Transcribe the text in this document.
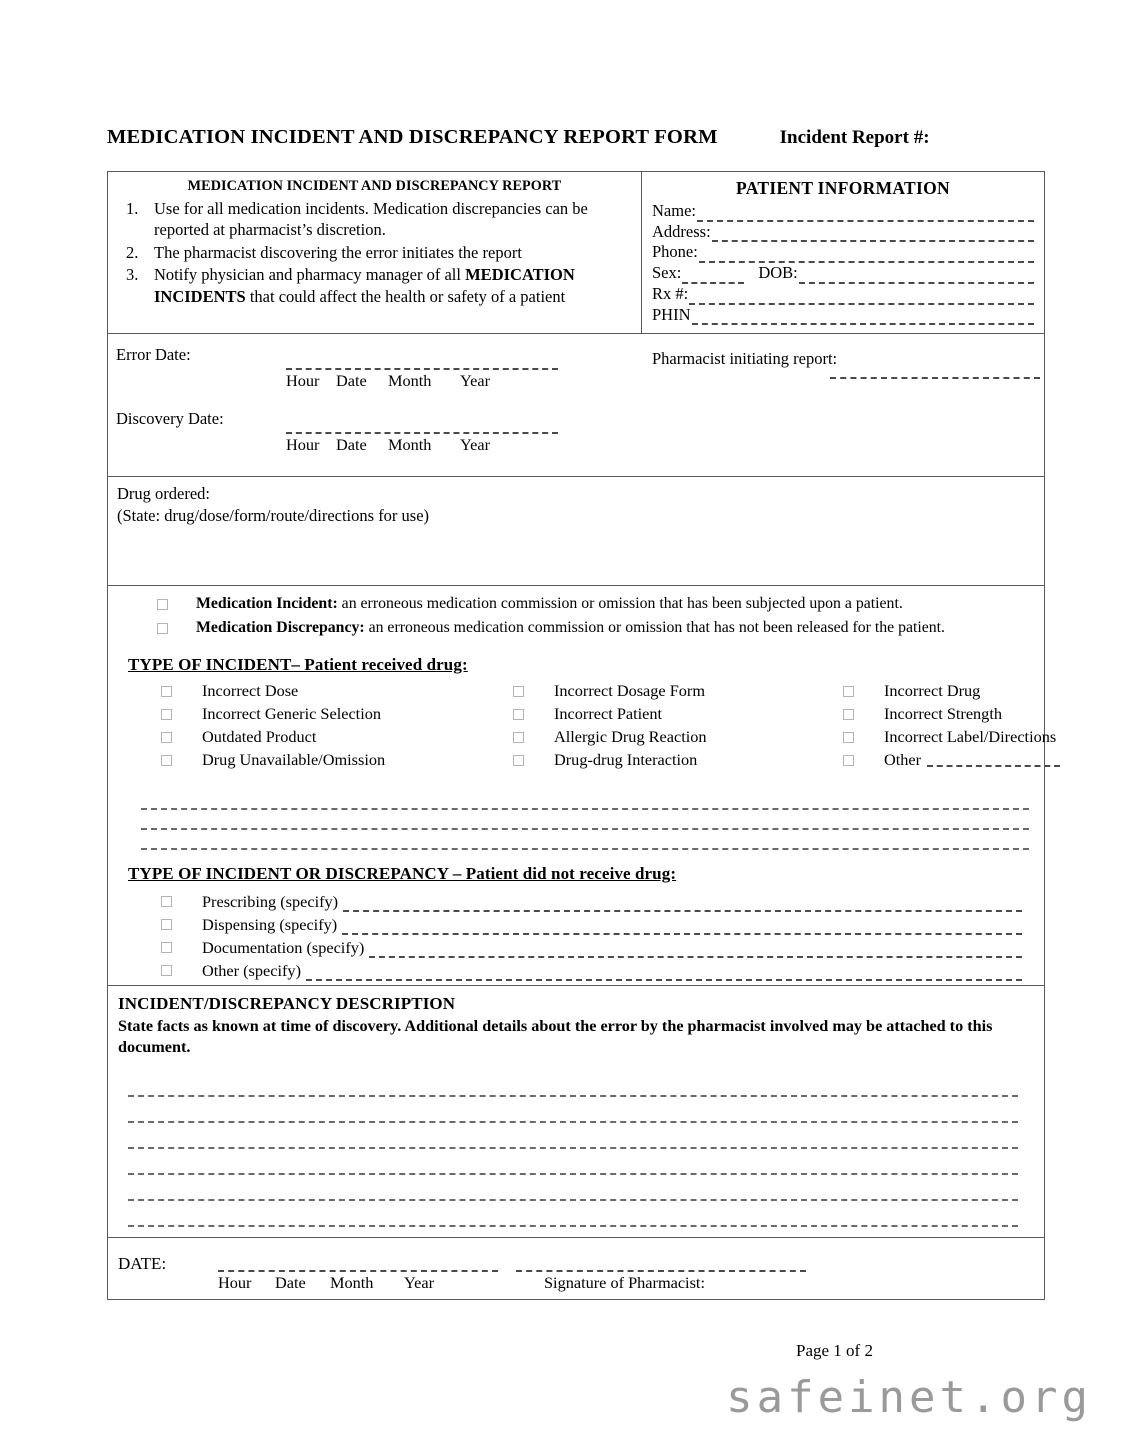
MEDICATION INCIDENT AND DISCREPANCY REPORT FORM	Incident Report #:
MEDICATION INCIDENT AND DISCREPANCY REPORT
1. Use for all medication incidents. Medication discrepancies can be reported at pharmacist’s discretion.
2. The pharmacist discovering the error initiates the report
3. Notify physician and pharmacy manager of all MEDICATION INCIDENTS that could affect the health or safety of a patient
PATIENT INFORMATION
Name:
Address:
Phone:
Sex:	DOB:
Rx #:
PHIN
Error Date:
Hour	Date	Month	Year
Discovery Date:
Hour	Date	Month	Year
Pharmacist initiating report:
Drug ordered:
(State: drug/dose/form/route/directions for use)
Medication Incident: an erroneous medication commission or omission that has been subjected upon a patient.
Medication Discrepancy: an erroneous medication commission or omission that has not been released for the patient.
TYPE OF INCIDENT– Patient received drug:
Incorrect Dose
Incorrect Generic Selection
Outdated Product
Drug Unavailable/Omission
Incorrect Dosage Form
Incorrect Patient
Allergic Drug Reaction
Drug-drug Interaction
Incorrect Drug
Incorrect Strength
Incorrect Label/Directions
Other
TYPE OF INCIDENT OR DISCREPANCY – Patient did not receive drug:
Prescribing (specify)
Dispensing (specify)
Documentation (specify)
Other (specify)
INCIDENT/DISCREPANCY DESCRIPTION
State facts as known at time of discovery. Additional details about the error by the pharmacist involved may be attached to this document.
DATE:
Hour	Date	Month	Year	Signature of Pharmacist:
Page 1 of 2
safeinet.org
